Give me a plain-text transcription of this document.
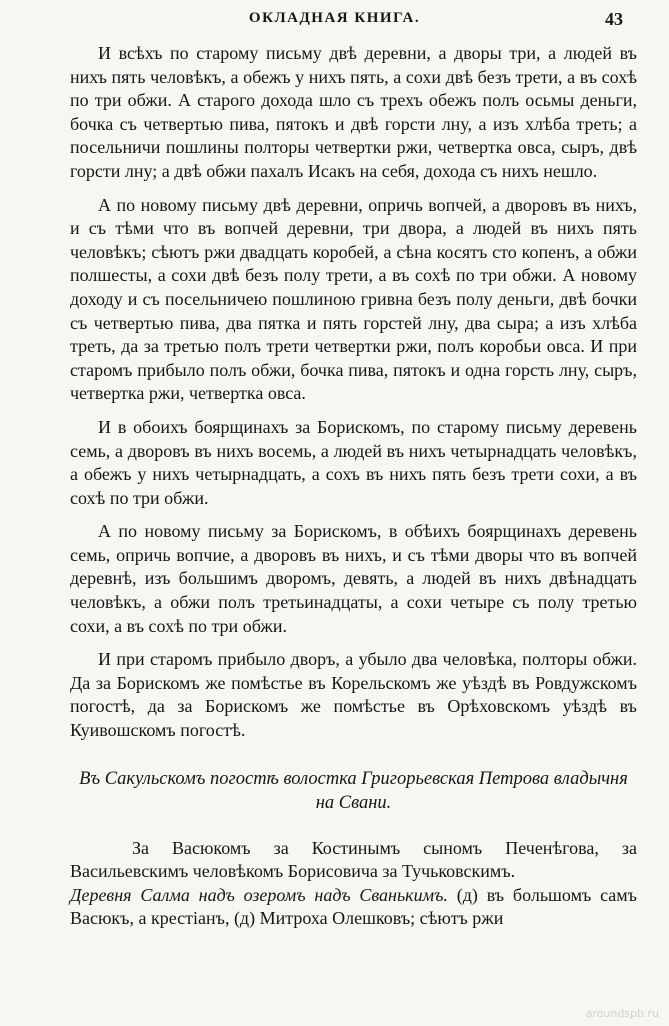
ОКЛАДНАЯ КНИГА.	43

И всѣхъ по старому письму двѣ деревни, а дворы три, а людей въ нихъ пять человѣкъ, а обежъ у нихъ пять, а сохи двѣ безъ трети, а въ сохѣ по три обжи. А старого дохода шло съ трехъ обежъ полъ осьмы деньги, бочка съ четвертью пива, пятокъ и двѣ горсти лну, а изъ хлѣба треть; а посельничи пошлины полторы четвертки ржи, четвертка овса, сыръ, двѣ горсти лну; а двѣ обжи пахалъ Исакъ на себя, дохода съ нихъ нешло.

А по новому письму двѣ деревни, опричь вопчей, а дворовъ въ нихъ, и съ тѣми что въ вопчей деревни, три двора, а людей въ нихъ пять человѣкъ; сѣютъ ржи двадцать коробей, а сѣна косятъ сто копенъ, а обжи полшесты, а сохи двѣ безъ полу трети, а въ сохѣ по три обжи. А новому доходу и съ посельничею пошлиною гривна безъ полу деньги, двѣ бочки съ четвертью пива, два пятка и пять горстей лну, два сыра; а изъ хлѣба треть, да за третью полъ трети четвертки ржи, полъ коробьи овса. И при старомъ прибыло полъ обжи, бочка пива, пятокъ и одна горсть лну, сыръ, четвертка ржи, четвертка овса.

И в обоихъ боярщинахъ за Борискомъ, по старому письму деревень семь, а дворовъ въ нихъ восемь, а людей въ нихъ четырнадцать человѣкъ, а обежъ у нихъ четырнадцать, а сохъ въ нихъ пять безъ трети сохи, а въ сохѣ по три обжи.

А по новому письму за Борискомъ, в обѣихъ боярщинахъ деревень семь, опричь вопчие, а дворовъ въ нихъ, и съ тѣми дворы что въ вопчей деревнѣ, изъ большимъ дворомъ, девять, а людей въ нихъ двѣнадцать человѣкъ, а обжи полъ третьинадцаты, а сохи четыре съ полу третью сохи, а въ сохѣ по три обжи.

И при старомъ прибыло дворъ, а убыло два человѣка, полторы обжи. Да за Борискомъ же помѣстье въ Корельскомъ же уѣздѣ въ Ровдужскомъ погостѣ, да за Борискомъ же помѣстье въ Орѣховскомъ уѣздѣ въ Куивошскомъ погостѣ.

Въ Сакульскомъ погостѣ волостка Григорьевская Петрова владычня на Свани.

За Васюкомъ за Костинымъ сыномъ Печенѣгова, за Васильевскимъ человѣкомъ Борисовича за Тучьковскимъ.

Деревня Салма надъ озеромъ надъ Сванькимъ. (д) въ большомъ самъ Васюкъ, а крестіанъ, (д) Митроха Олешковъ; сѣютъ ржи

aroundspb.ru
